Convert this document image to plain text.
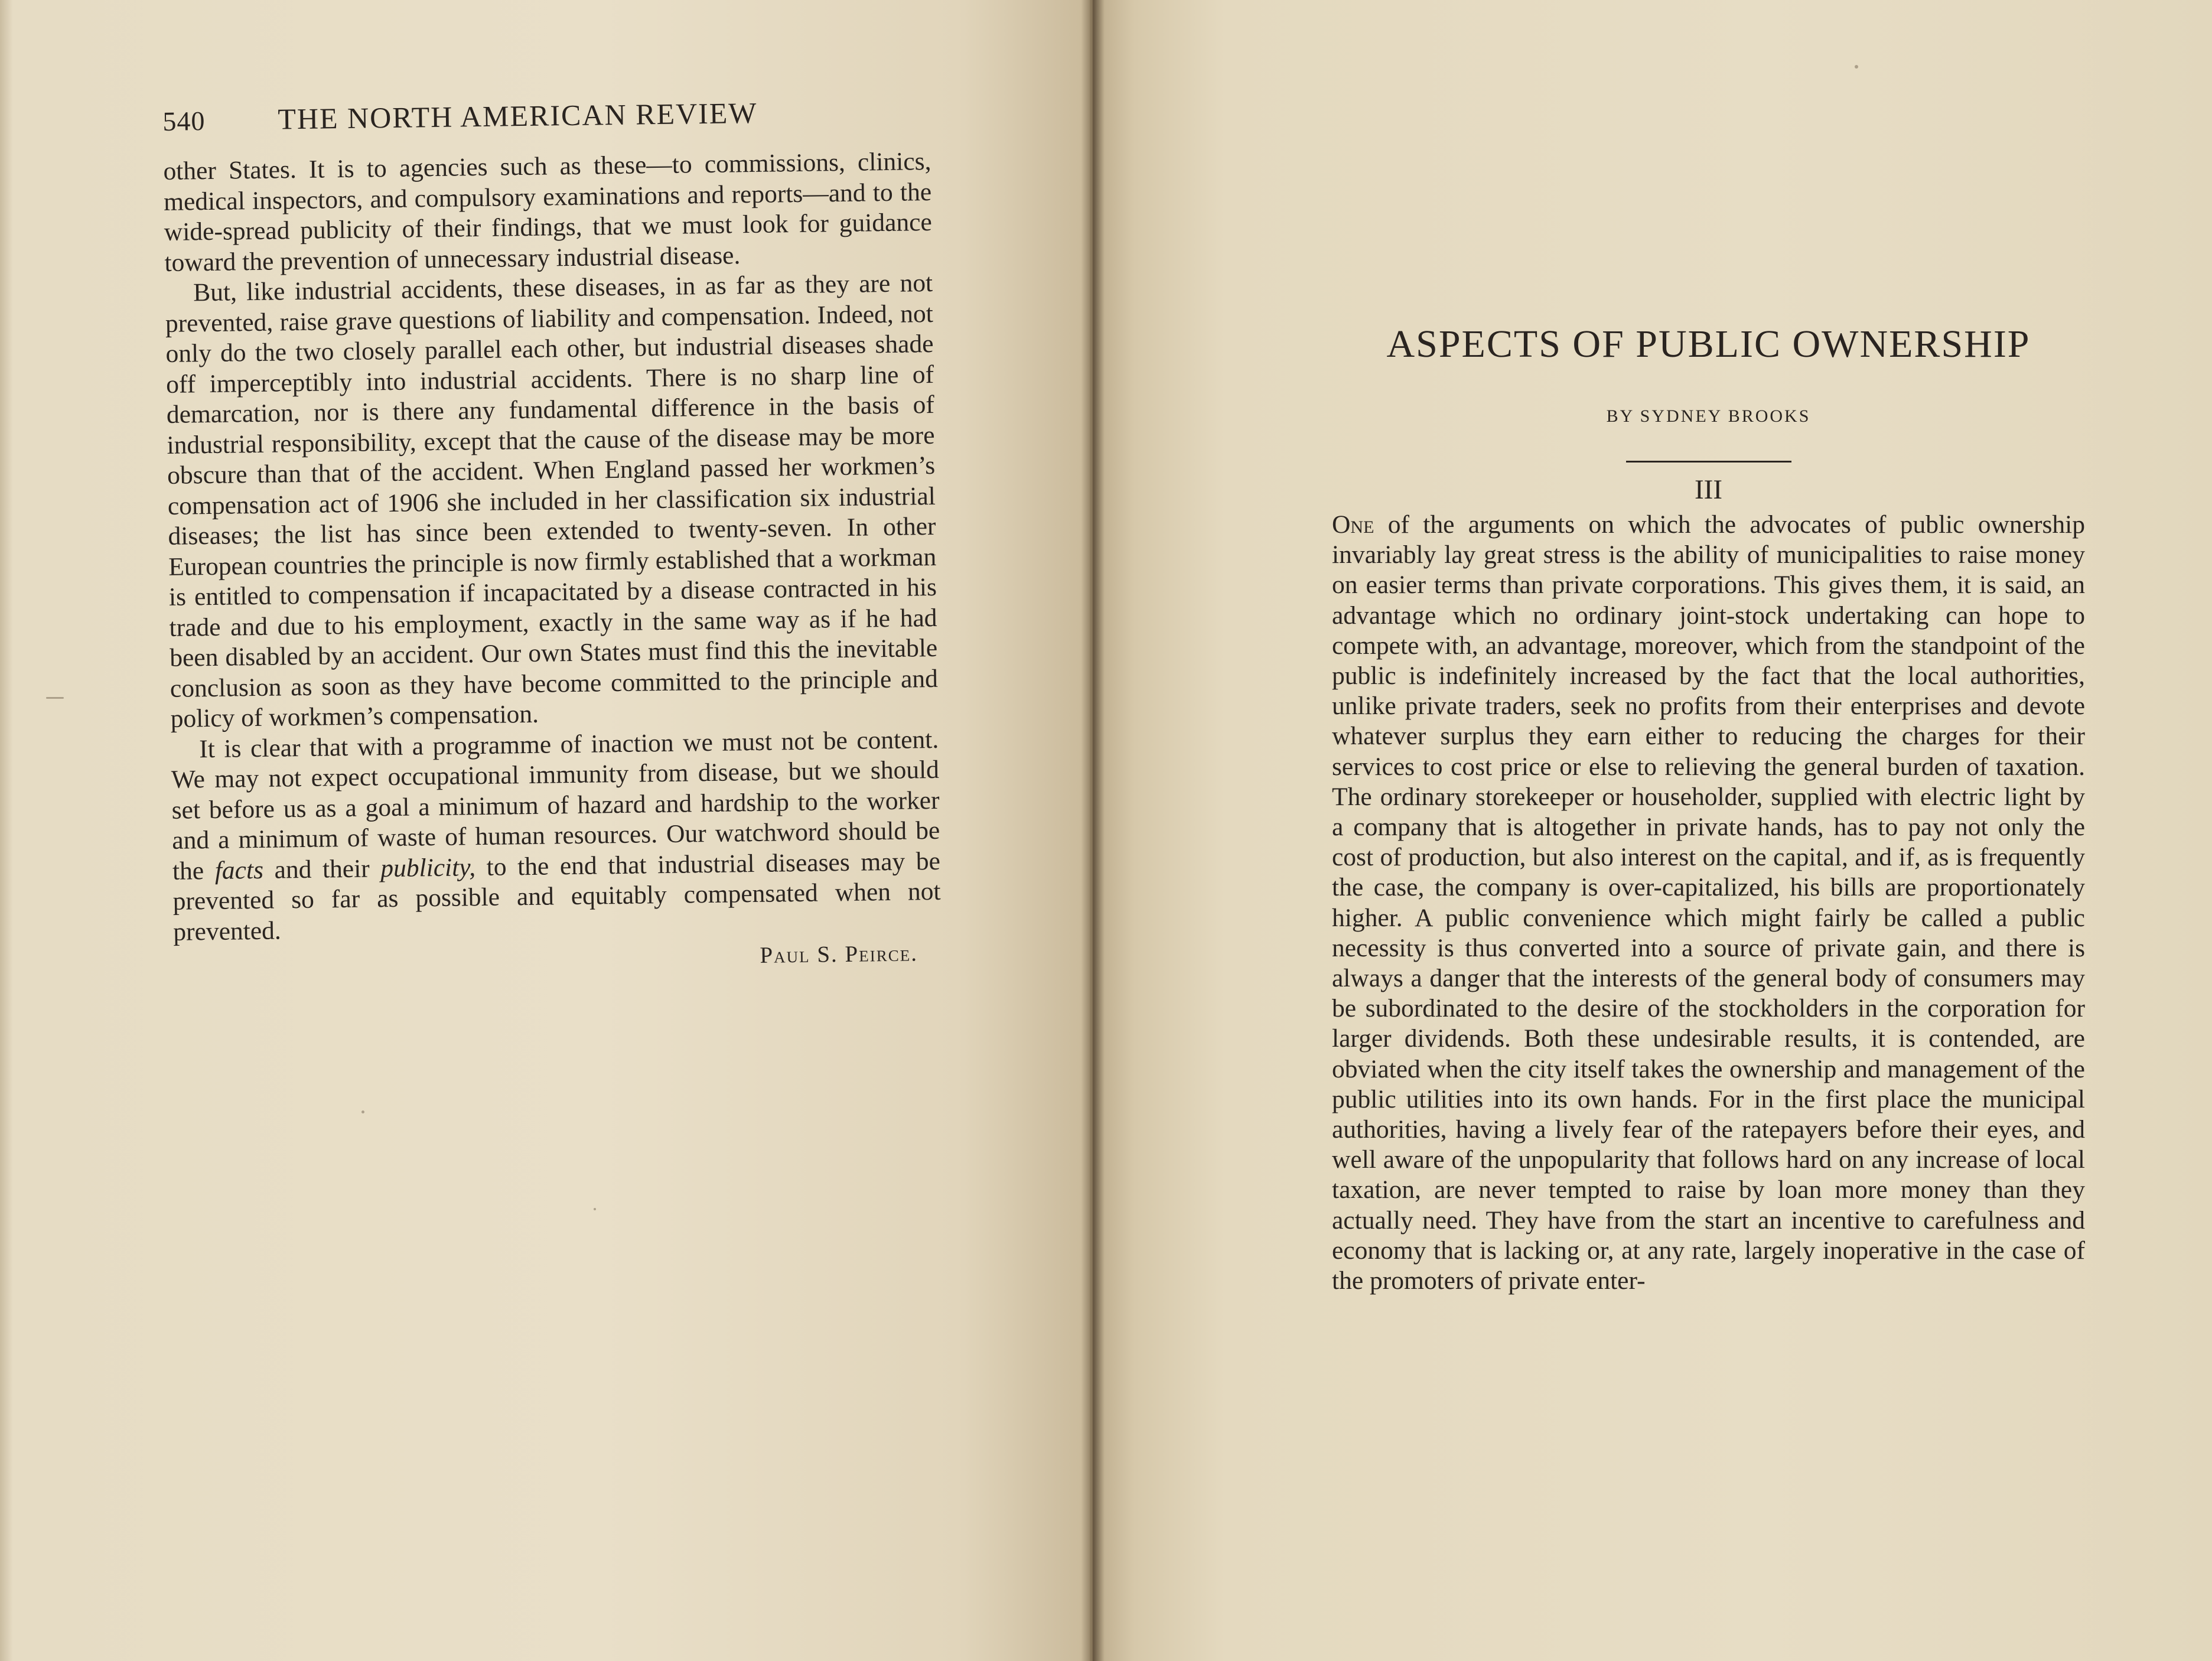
540 THE NORTH AMERICAN REVIEW

other States. It is to agencies such as these—to commissions, clinics, medical inspectors, and compulsory examinations and reports—and to the wide-spread publicity of their findings, that we must look for guidance toward the prevention of unnecessary industrial disease.

But, like industrial accidents, these diseases, in as far as they are not prevented, raise grave questions of liability and compensation. Indeed, not only do the two closely parallel each other, but industrial diseases shade off imperceptibly into industrial accidents. There is no sharp line of demarcation, nor is there any fundamental difference in the basis of industrial responsibility, except that the cause of the disease may be more obscure than that of the accident. When England passed her workmen’s compensation act of 1906 she included in her classification six industrial diseases; the list has since been extended to twenty-seven. In other European countries the principle is now firmly established that a workman is entitled to compensation if incapacitated by a disease contracted in his trade and due to his employment, exactly in the same way as if he had been disabled by an accident. Our own States must find this the inevitable conclusion as soon as they have become committed to the principle and policy of workmen’s compensation.

It is clear that with a programme of inaction we must not be content. We may not expect occupational immunity from disease, but we should set before us as a goal a minimum of hazard and hardship to the worker and a minimum of waste of human resources. Our watchword should be the facts and their publicity, to the end that industrial diseases may be prevented so far as possible and equitably compensated when not prevented.

Paul S. Peirce.
ASPECTS OF PUBLIC OWNERSHIP
BY SYDNEY BROOKS
III
One of the arguments on which the advocates of public ownership invariably lay great stress is the ability of municipalities to raise money on easier terms than private corporations. This gives them, it is said, an advantage which no ordinary joint-stock undertaking can hope to compete with, an advantage, moreover, which from the standpoint of the public is indefinitely increased by the fact that the local authorities, unlike private traders, seek no profits from their enterprises and devote whatever surplus they earn either to reducing the charges for their services to cost price or else to relieving the general burden of taxation. The ordinary storekeeper or householder, supplied with electric light by a company that is altogether in private hands, has to pay not only the cost of production, but also interest on the capital, and if, as is frequently the case, the company is over-capitalized, his bills are proportionately higher. A public convenience which might fairly be called a public necessity is thus converted into a source of private gain, and there is always a danger that the interests of the general body of consumers may be subordinated to the desire of the stockholders in the corporation for larger dividends. Both these undesirable results, it is contended, are obviated when the city itself takes the ownership and management of the public utilities into its own hands. For in the first place the municipal authorities, having a lively fear of the ratepayers before their eyes, and well aware of the unpopularity that follows hard on any increase of local taxation, are never tempted to raise by loan more money than they actually need. They have from the start an incentive to carefulness and economy that is lacking or, at any rate, largely inoperative in the case of the promoters of private enter-
